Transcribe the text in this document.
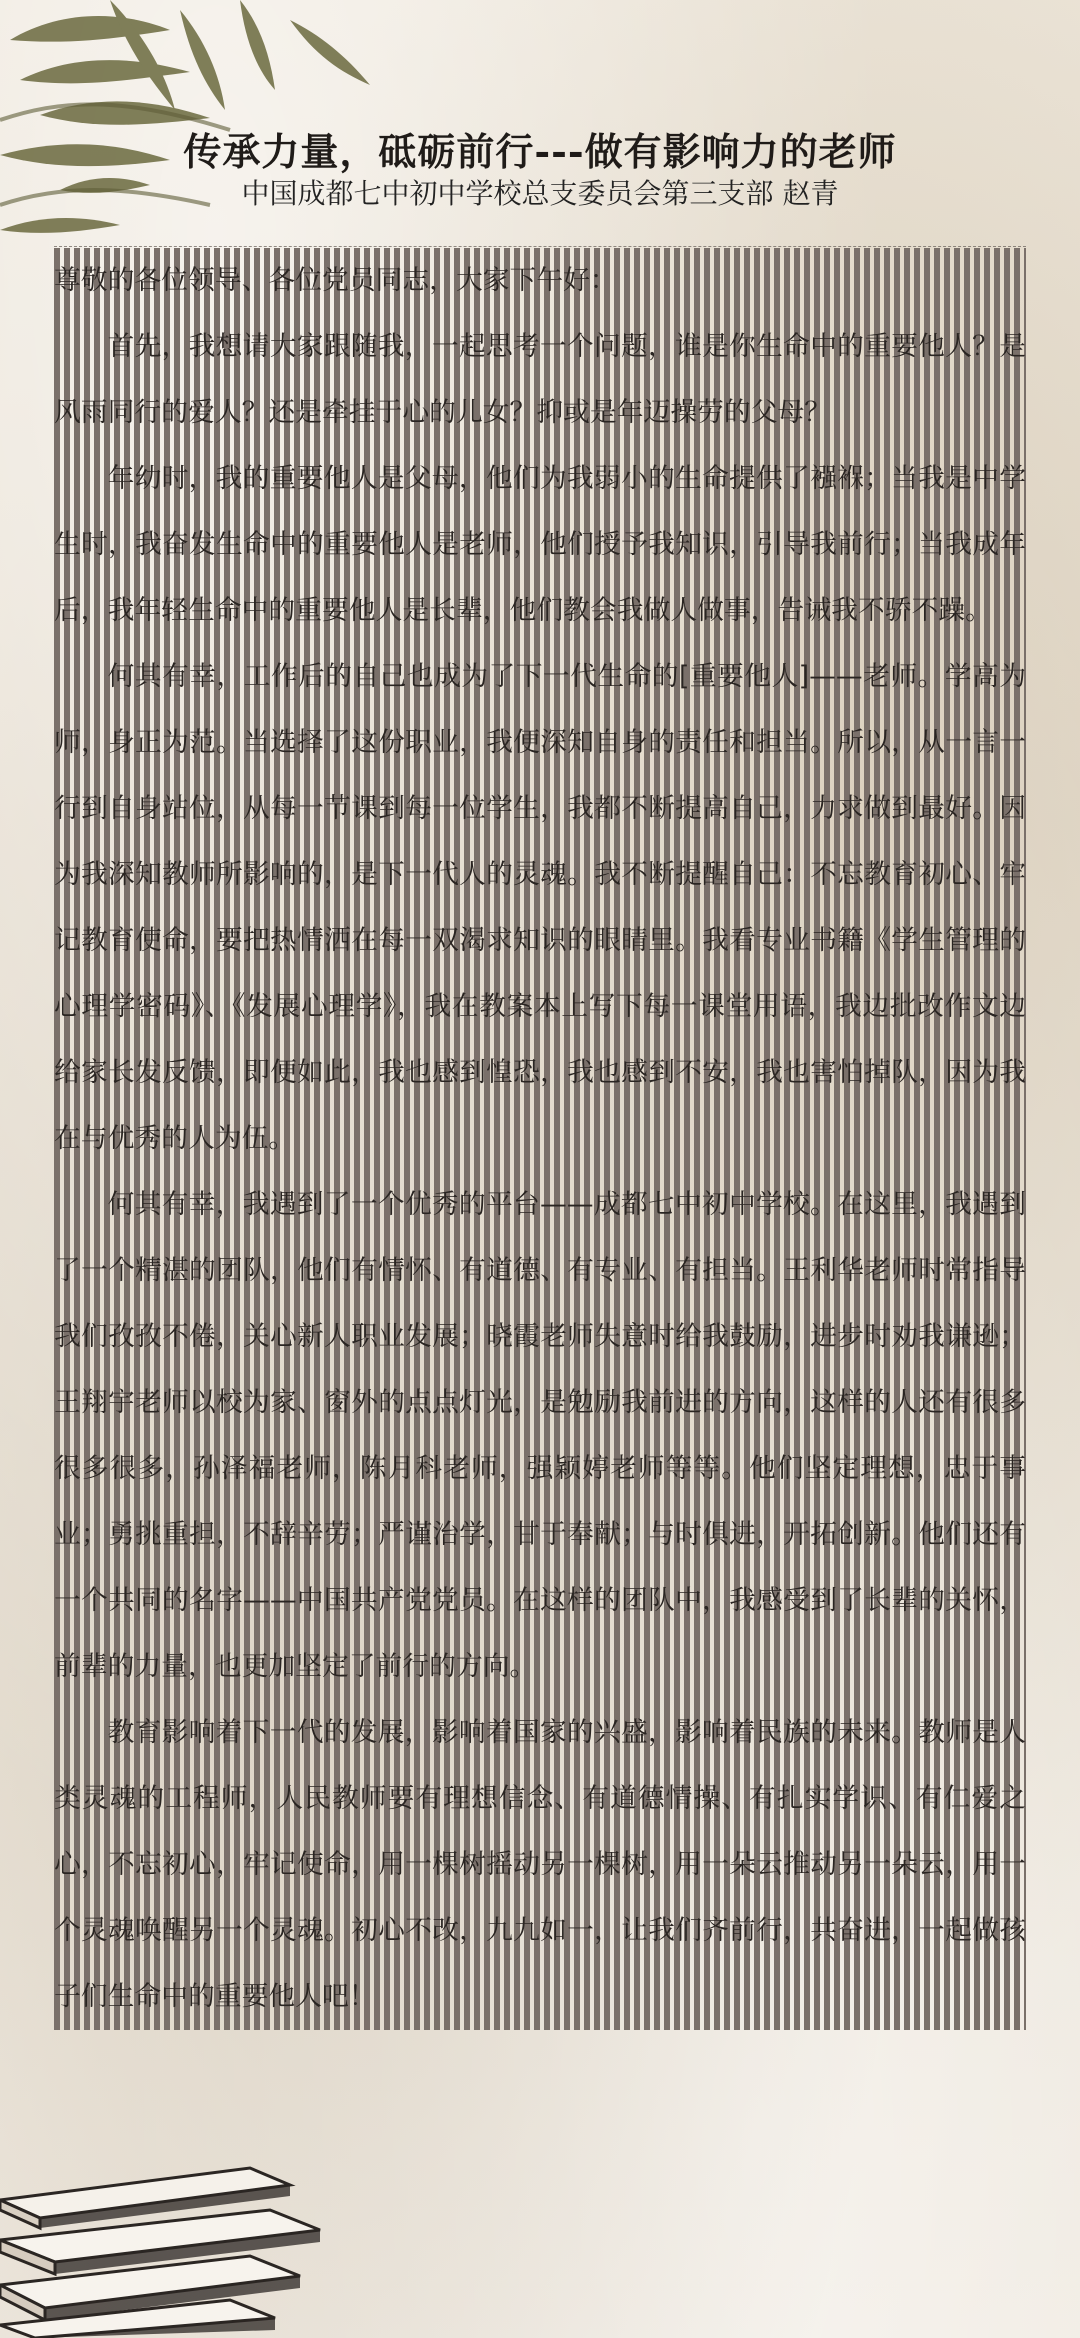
传承力量，砥砺前行---做有影响力的老师
中国成都七中初中学校总支委员会第三支部 赵青

尊敬的各位领导、各位党员同志，大家下午好：

首先，我想请大家跟随我，一起思考一个问题，谁是你生命中的重要他人？是风雨同行的爱人？还是牵挂于心的儿女？抑或是年迈操劳的父母？

年幼时，我的重要他人是父母，他们为我弱小的生命提供了襁褓；当我是中学生时，我奋发生命中的重要他人是老师，他们授予我知识，引导我前行；当我成年后，我年轻生命中的重要他人是长辈，他们教会我做人做事，告诫我不骄不躁。

何其有幸，工作后的自己也成为了下一代生命的[重要他人]——老师。学高为师，身正为范。当选择了这份职业，我便深知自身的责任和担当。所以，从一言一行到自身站位，从每一节课到每一位学生，我都不断提高自己，力求做到最好。因为我深知教师所影响的，是下一代人的灵魂。我不断提醒自己：不忘教育初心、牢记教育使命，要把热情洒在每一双渴求知识的眼睛里。我看专业书籍《学生管理的心理学密码》、《发展心理学》，我在教案本上写下每一课堂用语，我边批改作文边给家长发反馈，即便如此，我也感到惶恐，我也感到不安，我也害怕掉队，因为我在与优秀的人为伍。

何其有幸，我遇到了一个优秀的平台——成都七中初中学校。在这里，我遇到了一个精湛的团队，他们有情怀、有道德、有专业、有担当。王利华老师时常指导我们孜孜不倦，关心新人职业发展；晓霞老师失意时给我鼓励，进步时劝我谦逊；王翔宇老师以校为家、窗外的点点灯光，是勉励我前进的方向，这样的人还有很多很多很多，孙泽福老师，陈月科老师，强颖婷老师等等。他们坚定理想，忠于事业；勇挑重担，不辞辛劳；严谨治学，甘于奉献；与时俱进，开拓创新。他们还有一个共同的名字——中国共产党党员。在这样的团队中，我感受到了长辈的关怀，前辈的力量，也更加坚定了前行的方向。

教育影响着下一代的发展，影响着国家的兴盛，影响着民族的未来。教师是人类灵魂的工程师，人民教师要有理想信念、有道德情操、有扎实学识、有仁爱之心，不忘初心，牢记使命，用一棵树摇动另一棵树，用一朵云推动另一朵云，用一个灵魂唤醒另一个灵魂。初心不改，九九如一，让我们齐前行，共奋进，一起做孩子们生命中的重要他人吧！
